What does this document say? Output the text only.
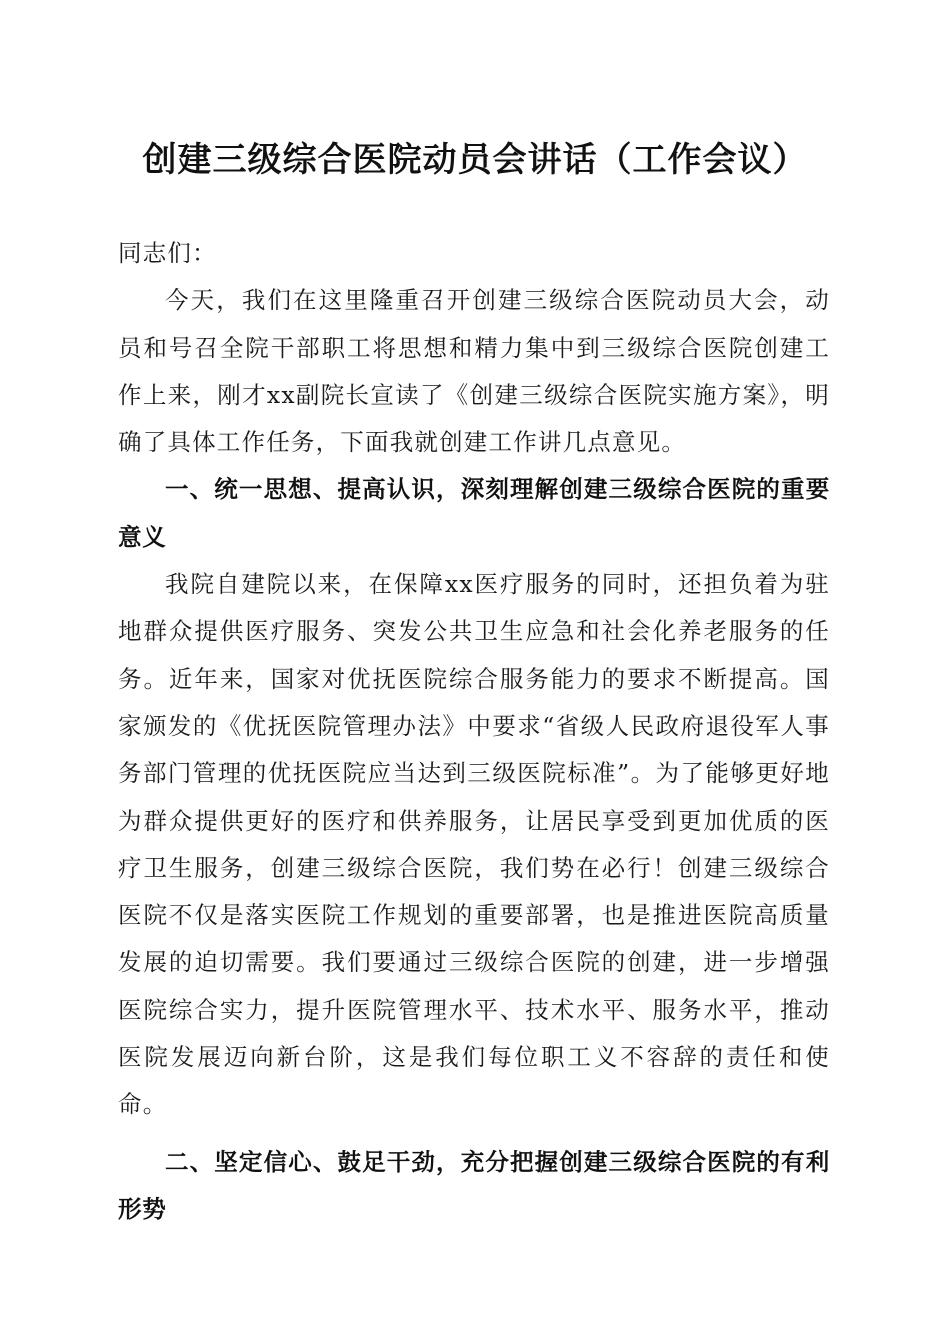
创建三级综合医院动员会讲话（工作会议）

同志们：

今天，我们在这里隆重召开创建三级综合医院动员大会，动员和号召全院干部职工将思想和精力集中到三级综合医院创建工作上来，刚才xx副院长宣读了《创建三级综合医院实施方案》，明确了具体工作任务，下面我就创建工作讲几点意见。

一、统一思想、提高认识，深刻理解创建三级综合医院的重要意义

我院自建院以来，在保障xx医疗服务的同时，还担负着为驻地群众提供医疗服务、突发公共卫生应急和社会化养老服务的任务。近年来，国家对优抚医院综合服务能力的要求不断提高。国家颁发的《优抚医院管理办法》中要求“省级人民政府退役军人事务部门管理的优抚医院应当达到三级医院标准”。为了能够更好地为群众提供更好的医疗和供养服务，让居民享受到更加优质的医疗卫生服务，创建三级综合医院，我们势在必行！创建三级综合医院不仅是落实医院工作规划的重要部署，也是推进医院高质量发展的迫切需要。我们要通过三级综合医院的创建，进一步增强医院综合实力，提升医院管理水平、技术水平、服务水平，推动医院发展迈向新台阶，这是我们每位职工义不容辞的责任和使命。

二、坚定信心、鼓足干劲，充分把握创建三级综合医院的有利形势
